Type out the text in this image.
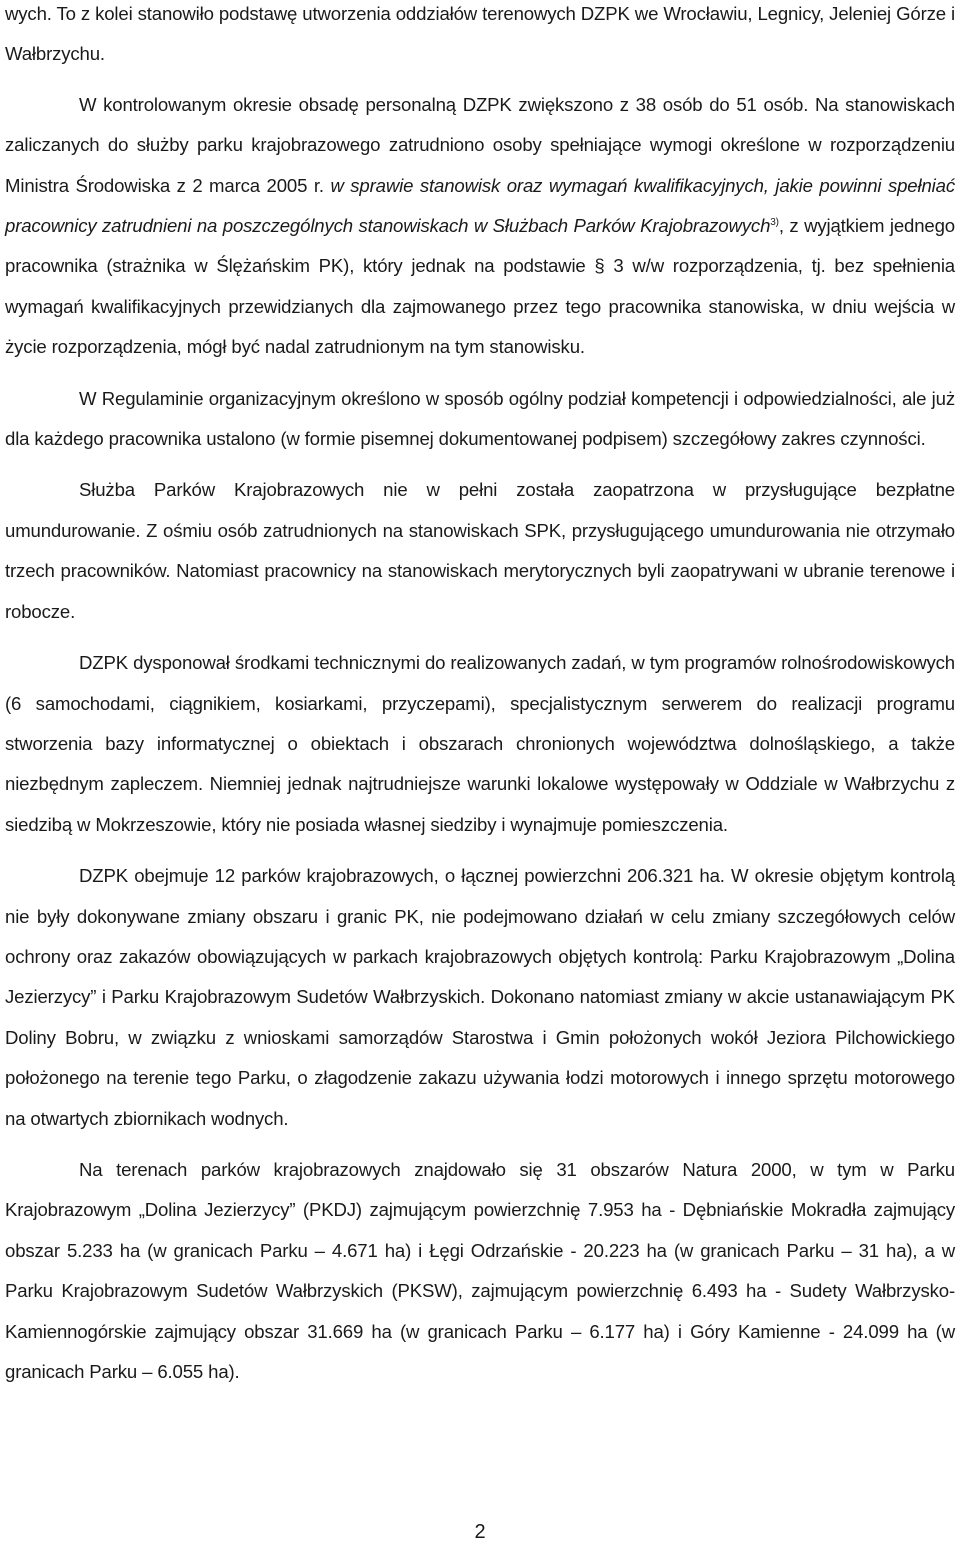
wych. To z kolei stanowiło podstawę utworzenia oddziałów terenowych DZPK we Wrocławiu, Legnicy, Jeleniej Górze i Wałbrzychu.

W kontrolowanym okresie obsadę personalną DZPK zwiększono z 38 osób do 51 osób. Na stanowiskach zaliczanych do służby parku krajobrazowego zatrudniono osoby spełniające wymogi określone w rozporządzeniu Ministra Środowiska z 2 marca 2005 r. w sprawie stanowisk oraz wymagań kwalifikacyjnych, jakie powinni spełniać pracownicy zatrudnieni na poszczególnych stanowiskach w Służbach Parków Krajobrazowych$^{3)}$, z wyjątkiem jednego pracownika (strażnika w Ślężańskim PK), który jednak na podstawie § 3 w/w rozporządzenia, tj. bez spełnienia wymagań kwalifikacyjnych przewidzianych dla zajmowanego przez tego pracownika stanowiska, w dniu wejścia w życie rozporządzenia, mógł być nadal zatrudnionym na tym stanowisku.

W Regulaminie organizacyjnym określono w sposób ogólny podział kompetencji i odpowiedzialności, ale już dla każdego pracownika ustalono (w formie pisemnej dokumentowanej podpisem) szczegółowy zakres czynności.

Służba Parków Krajobrazowych nie w pełni została zaopatrzona w przysługujące bezpłatne umundurowanie. Z ośmiu osób zatrudnionych na stanowiskach SPK, przysługującego umundurowania nie otrzymało trzech pracowników. Natomiast pracownicy na stanowiskach merytorycznych byli zaopatrywani w ubranie terenowe i robocze.

DZPK dysponował środkami technicznymi do realizowanych zadań, w tym programów rolnośrodowiskowych (6 samochodami, ciągnikiem, kosiarkami, przyczepami), specjalistycznym serwerem do realizacji programu stworzenia bazy informatycznej o obiektach i obszarach chronionych województwa dolnośląskiego, a także niezbędnym zapleczem. Niemniej jednak najtrudniejsze warunki lokalowe występowały w Oddziale w Wałbrzychu z siedzibą w Mokrzeszowie, który nie posiada własnej siedziby i wynajmuje pomieszczenia.

DZPK obejmuje 12 parków krajobrazowych, o łącznej powierzchni 206.321 ha. W okresie objętym kontrolą nie były dokonywane zmiany obszaru i granic PK, nie podejmowano działań w celu zmiany szczegółowych celów ochrony oraz zakazów obowiązujących w parkach krajobrazowych objętych kontrolą: Parku Krajobrazowym „Dolina Jezierzycy” i Parku Krajobrazowym Sudetów Wałbrzyskich. Dokonano natomiast zmiany w akcie ustanawiającym PK Doliny Bobru, w związku z wnioskami samorządów Starostwa i Gmin położonych wokół Jeziora Pilchowickiego położonego na terenie tego Parku, o złagodzenie zakazu używania łodzi motorowych i innego sprzętu motorowego na otwartych zbiornikach wodnych.

Na terenach parków krajobrazowych znajdowało się 31 obszarów Natura 2000, w tym w Parku Krajobrazowym „Dolina Jezierzycy” (PKDJ) zajmującym powierzchnię 7.953 ha - Dębniańskie Mokradła zajmujący obszar 5.233 ha (w granicach Parku – 4.671 ha) i Łęgi Odrzańskie - 20.223 ha (w granicach Parku – 31 ha), a w Parku Krajobrazowym Sudetów Wałbrzyskich (PKSW), zajmującym powierzchnię 6.493 ha - Sudety Wałbrzysko-Kamiennogórskie zajmujący obszar 31.669 ha (w granicach Parku – 6.177 ha) i Góry Kamienne - 24.099 ha (w granicach Parku – 6.055 ha).

2
